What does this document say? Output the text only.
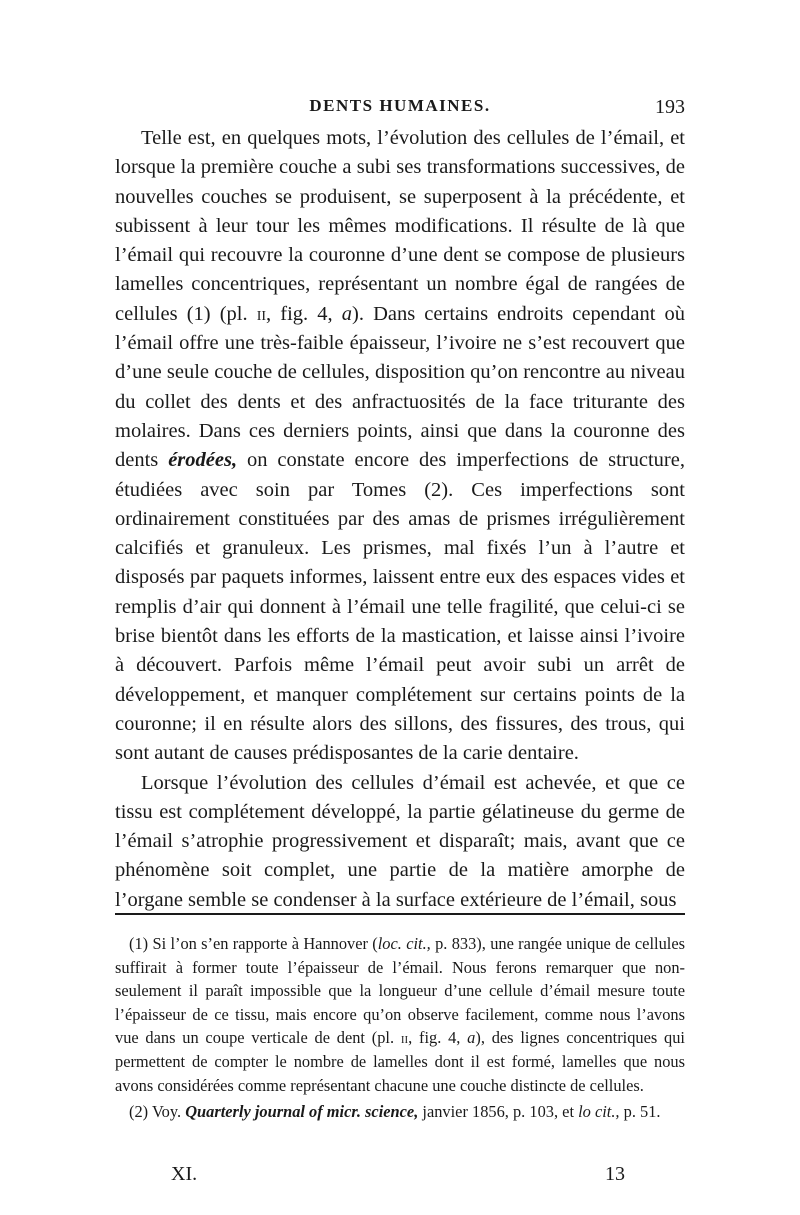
DENTS HUMAINES.	193

Telle est, en quelques mots, l’évolution des cellules de l’émail, et lorsque la première couche a subi ses transformations successives, de nouvelles couches se produisent, se superposent à la précédente, et subissent à leur tour les mêmes modifications. Il résulte de là que l’émail qui recouvre la couronne d’une dent se compose de plusieurs lamelles concentriques, représentant un nombre égal de rangées de cellules (1) (pl. ii, fig. 4, a). Dans certains endroits cependant où l’émail offre une très-faible épaisseur, l’ivoire ne s’est recouvert que d’une seule couche de cellules, disposition qu’on rencontre au niveau du collet des dents et des anfractuosités de la face triturante des molaires. Dans ces derniers points, ainsi que dans la couronne des dents érodées, on constate encore des imperfections de structure, étudiées avec soin par Tomes (2). Ces imperfections sont ordinairement constituées par des amas de prismes irrégulièrement calcifiés et granuleux. Les prismes, mal fixés l’un à l’autre et disposés par paquets informes, laissent entre eux des espaces vides et remplis d’air qui donnent à l’émail une telle fragilité, que celui-ci se brise bientôt dans les efforts de la mastication, et laisse ainsi l’ivoire à découvert. Parfois même l’émail peut avoir subi un arrêt de développement, et manquer complétement sur certains points de la couronne; il en résulte alors des sillons, des fissures, des trous, qui sont autant de causes prédisposantes de la carie dentaire.

Lorsque l’évolution des cellules d’émail est achevée, et que ce tissu est complétement développé, la partie gélatineuse du germe de l’émail s’atrophie progressivement et disparaît; mais, avant que ce phénomène soit complet, une partie de la matière amorphe de l’organe semble se condenser à la surface extérieure de l’émail, sous

(1) Si l’on s’en rapporte à Hannover (loc. cit., p. 833), une rangée unique de cellules suffirait à former toute l’épaisseur de l’émail. Nous ferons remarquer que non-seulement il paraît impossible que la longueur d’une cellule d’émail mesure toute l’épaisseur de ce tissu, mais encore qu’on observe facilement, comme nous l’avons vue dans un coupe verticale de dent (pl. ii, fig. 4, a), des lignes concentriques qui permettent de compter le nombre de lamelles dont il est formé, lamelles que nous avons considérées comme représentant chacune une couche distincte de cellules.

(2) Voy. Quarterly journal of micr. science, janvier 1856, p. 103, et lo cit., p. 51.

XI.	13
